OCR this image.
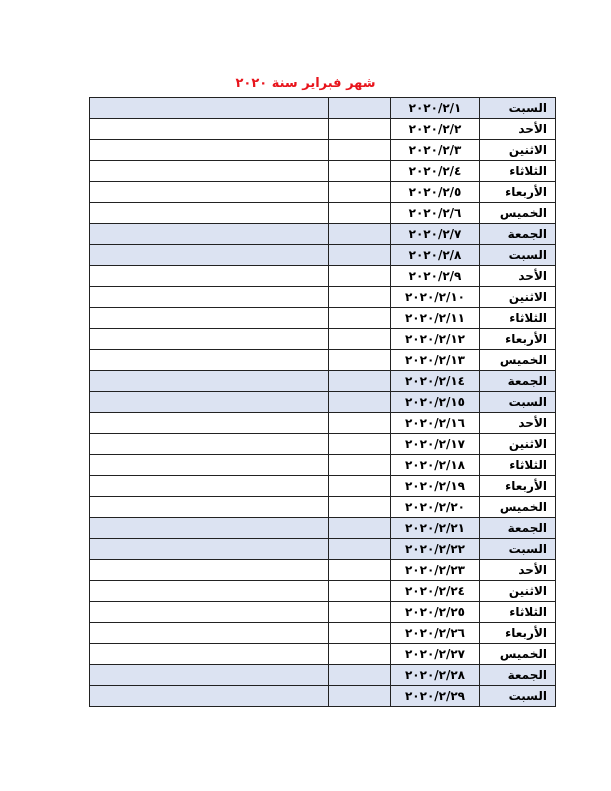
شهر فبراير سنة ٢٠٢٠
		٢٠٢٠/٢/١	السبت
		٢٠٢٠/٢/٢	الأحد
		٢٠٢٠/٢/٣	الاثنين
		٢٠٢٠/٢/٤	الثلاثاء
		٢٠٢٠/٢/٥	الأربعاء
		٢٠٢٠/٢/٦	الخميس
		٢٠٢٠/٢/٧	الجمعة
		٢٠٢٠/٢/٨	السبت
		٢٠٢٠/٢/٩	الأحد
		٢٠٢٠/٢/١٠	الاثنين
		٢٠٢٠/٢/١١	الثلاثاء
		٢٠٢٠/٢/١٢	الأربعاء
		٢٠٢٠/٢/١٣	الخميس
		٢٠٢٠/٢/١٤	الجمعة
		٢٠٢٠/٢/١٥	السبت
		٢٠٢٠/٢/١٦	الأحد
		٢٠٢٠/٢/١٧	الاثنين
		٢٠٢٠/٢/١٨	الثلاثاء
		٢٠٢٠/٢/١٩	الأربعاء
		٢٠٢٠/٢/٢٠	الخميس
		٢٠٢٠/٢/٢١	الجمعة
		٢٠٢٠/٢/٢٢	السبت
		٢٠٢٠/٢/٢٣	الأحد
		٢٠٢٠/٢/٢٤	الاثنين
		٢٠٢٠/٢/٢٥	الثلاثاء
		٢٠٢٠/٢/٢٦	الأربعاء
		٢٠٢٠/٢/٢٧	الخميس
		٢٠٢٠/٢/٢٨	الجمعة
		٢٠٢٠/٢/٢٩	السبت
